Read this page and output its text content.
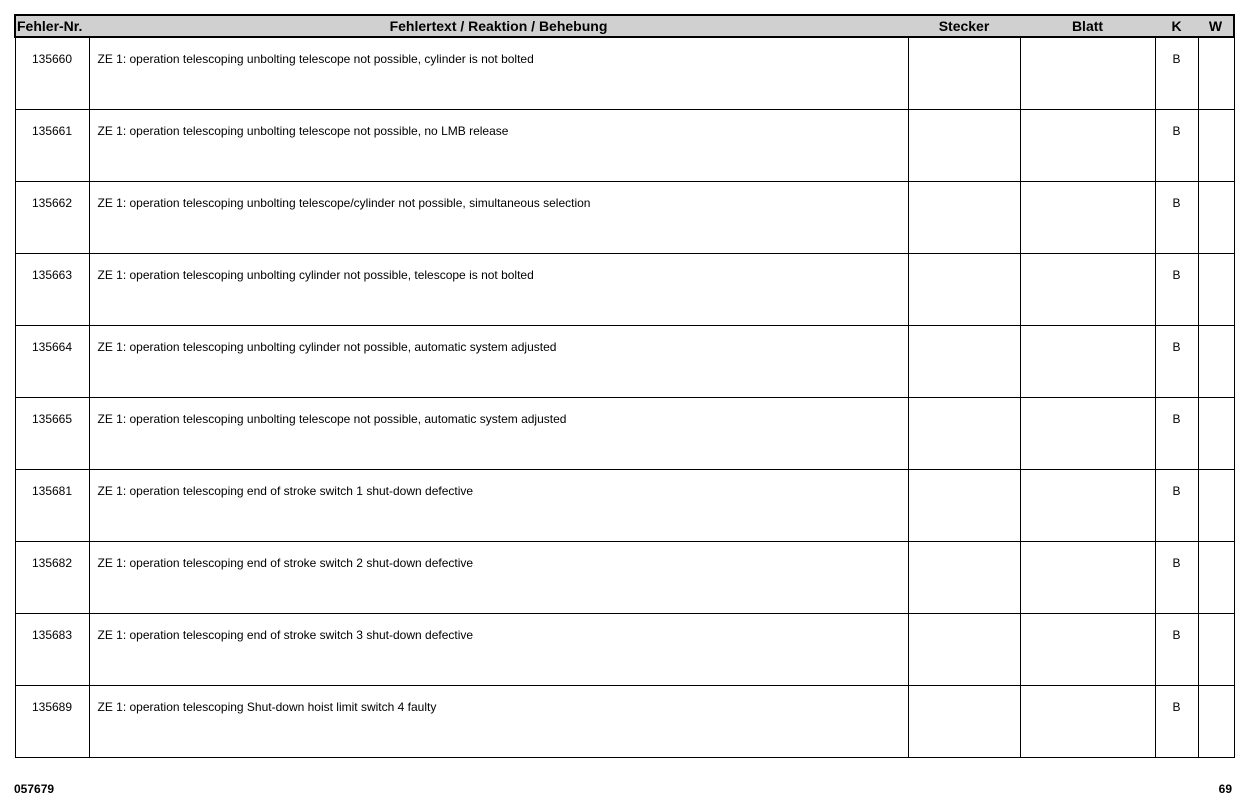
Fehler-Nr.	Fehlertext / Reaktion / Behebung	Stecker	Blatt	K	W
135660	ZE 1: operation telescoping unbolting telescope not possible, cylinder is not bolted			B	
135661	ZE 1: operation telescoping unbolting telescope not possible, no LMB release			B	
135662	ZE 1: operation telescoping unbolting telescope/cylinder not possible, simultaneous selection			B	
135663	ZE 1: operation telescoping unbolting cylinder not possible, telescope is not bolted			B	
135664	ZE 1: operation telescoping unbolting cylinder not possible, automatic system adjusted			B	
135665	ZE 1: operation telescoping unbolting telescope not possible, automatic system adjusted			B	
135681	ZE 1: operation telescoping end of stroke switch 1 shut-down defective			B	
135682	ZE 1: operation telescoping end of stroke switch 2 shut-down defective			B	
135683	ZE 1: operation telescoping end of stroke switch 3 shut-down defective			B	
135689	ZE 1: operation telescoping Shut-down hoist limit switch 4 faulty			B	
057679	69
